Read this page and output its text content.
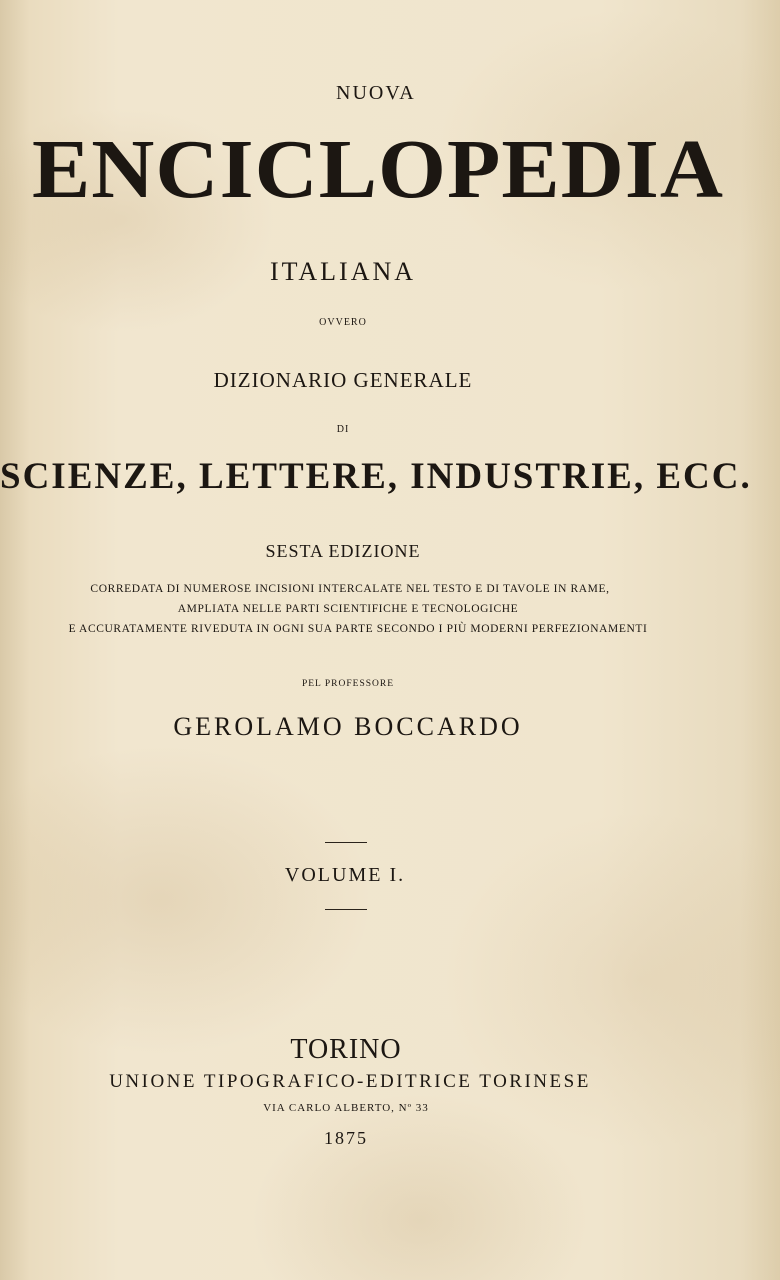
NUOVA
ENCICLOPEDIA
ITALIANA
OVVERO
DIZIONARIO GENERALE
DI
SCIENZE, LETTERE, INDUSTRIE, ECC.
SESTA EDIZIONE
CORREDATA DI NUMEROSE INCISIONI INTERCALATE NEL TESTO E DI TAVOLE IN RAME,
AMPLIATA NELLE PARTI SCIENTIFICHE E TECNOLOGICHE
E ACCURATAMENTE RIVEDUTA IN OGNI SUA PARTE SECONDO I PIÙ MODERNI PERFEZIONAMENTI
PEL PROFESSORE
GEROLAMO BOCCARDO
VOLUME I.
TORINO
UNIONE TIPOGRAFICO-EDITRICE TORINESE
VIA CARLO ALBERTO, Nº 33
1875
